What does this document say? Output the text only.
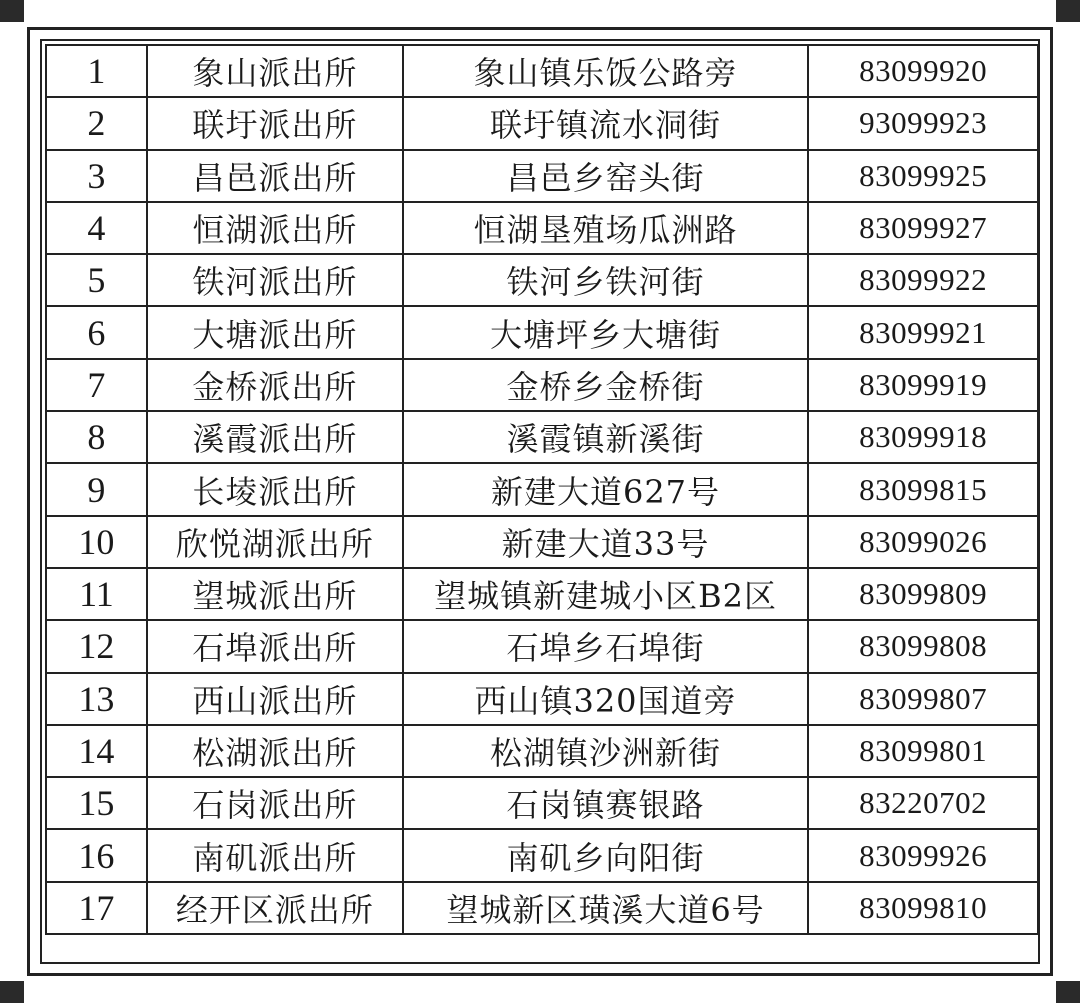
1	象山派出所	象山镇乐饭公路旁	83099920
2	联圩派出所	联圩镇流水洞街	93099923
3	昌邑派出所	昌邑乡窑头街	83099925
4	恒湖派出所	恒湖垦殖场瓜洲路	83099927
5	铁河派出所	铁河乡铁河街	83099922
6	大塘派出所	大塘坪乡大塘街	83099921
7	金桥派出所	金桥乡金桥街	83099919
8	溪霞派出所	溪霞镇新溪街	83099918
9	长堎派出所	新建大道627号	83099815
10	欣悦湖派出所	新建大道33号	83099026
11	望城派出所	望城镇新建城小区B2区	83099809
12	石埠派出所	石埠乡石埠街	83099808
13	西山派出所	西山镇320国道旁	83099807
14	松湖派出所	松湖镇沙洲新街	83099801
15	石岗派出所	石岗镇赛银路	83220702
16	南矶派出所	南矶乡向阳街	83099926
17	经开区派出所	望城新区璜溪大道6号	83099810
